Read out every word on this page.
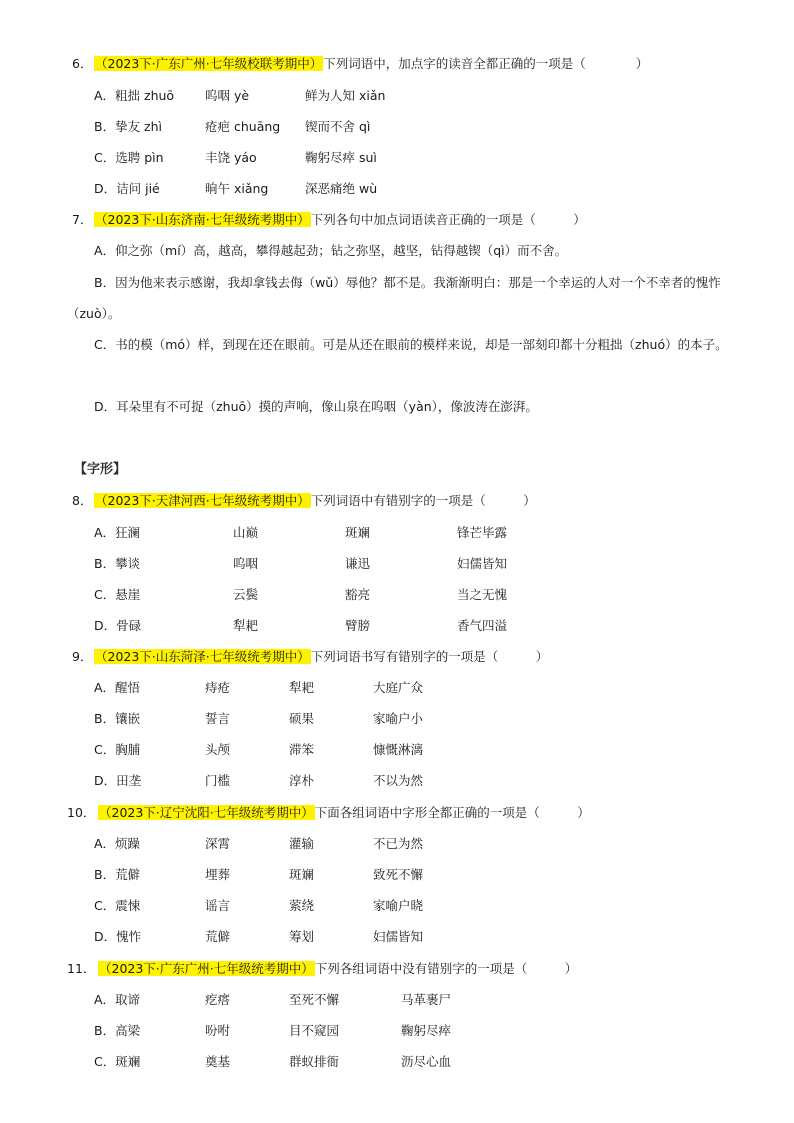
6． （2023下·广东广州·七年级校联考期中）下列词语中，加点字的读音全都正确的一项是（　　　　）
A．粗拙 zhuō 呜咽 yè	鲜为人知 xiǎn
B．挚友 zhì	疮疤 chuāng 锲而不舍 qì
C．选聘 pìn	丰饶 yáo	鞠躬尽瘁 suì
D．诘问 jié	晌午 xiǎng	深恶痛绝 wù
7． （2023下·山东济南·七年级统考期中）下列各句中加点词语读音正确的一项是（　　　）
A．仰之弥（mí）高，越高，攀得越起劲；钻之弥坚，越坚，钻得越锲（qì）而不舍。
B．因为他来表示感谢，我却拿钱去侮（wǔ）辱他？都不是。我渐渐明白：那是一个幸运的人对一个不幸者的愧怍（zuò）。
C．书的模（mó）样，到现在还在眼前。可是从还在眼前的模样来说，却是一部刻印都十分粗拙（zhuó）的本子。
D．耳朵里有不可捉（zhuō）摸的声响，像山泉在呜咽（yàn），像波涛在澎湃。
【字形】
8． （2023下·天津河西·七年级统考期中）下列词语中有错别字的一项是（　　　）
A．狂澜	山巅	斑斓	锋芒毕露
B．攀谈	呜咽	谦迅	妇儒皆知
C．悬崖	云鬓	豁亮	当之无愧
D．骨碌	犁耙	臂膀	香气四溢
9． （2023下·山东菏泽·七年级统考期中）下列词语书写有错别字的一项是（　　　）
A．醒悟	痔疮	犁耙	大庭广众
B．镶嵌	誓言	硕果	家喻户小
C．胸脯	头颅	滞笨	慷慨淋漓
D．田垄	门槛	淳朴	不以为然
10． （2023下·辽宁沈阳·七年级统考期中）下面各组词语中字形全都正确的一项是（　　　）
A．烦躁	深霄	灌输	不已为然
B．荒僻	埋葬	斑斓	致死不懈
C．震悚	谣言	萦绕	家喻户晓
D．愧怍	荒僻	筹划	妇儒皆知
11． （2023下·广东广州·七年级统考期中）下列各组词语中没有错别字的一项是（　　　）
A．取谛	疙瘩	至死不懈	马革裹尸
B．高梁	吩咐	目不窥园	鞠躬尽瘁
C．斑斓	奠基	群蚁排衙	沥尽心血
